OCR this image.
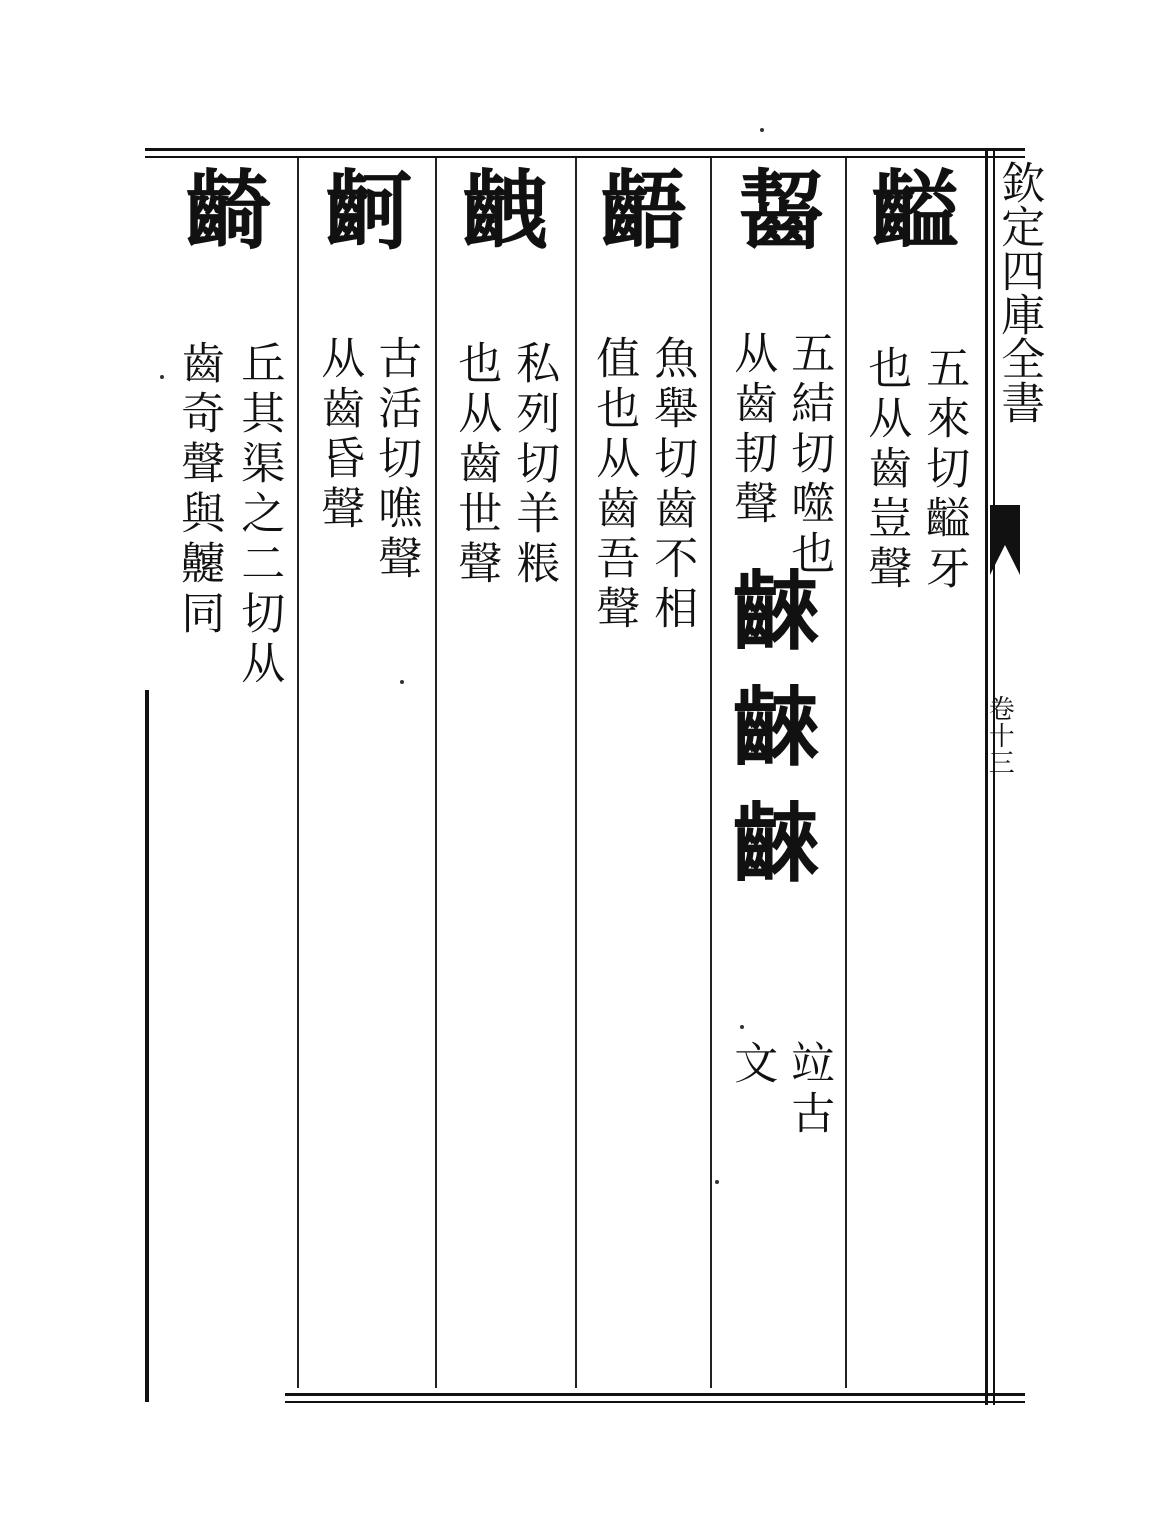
欽定四庫全書
卷十三
齸
五來切齸牙
也从齒豈聲
齧
五結切噬也
从齒㓞聲
𪘨𪘨𪘨
竝古
文
齬
魚舉切齒不相
值也从齒吾聲
齥
私列切羊粻
也从齒世聲
䶗
古活切噍聲
从齒昏聲
齮
丘其渠之二切从
齒奇聲與䶑同
